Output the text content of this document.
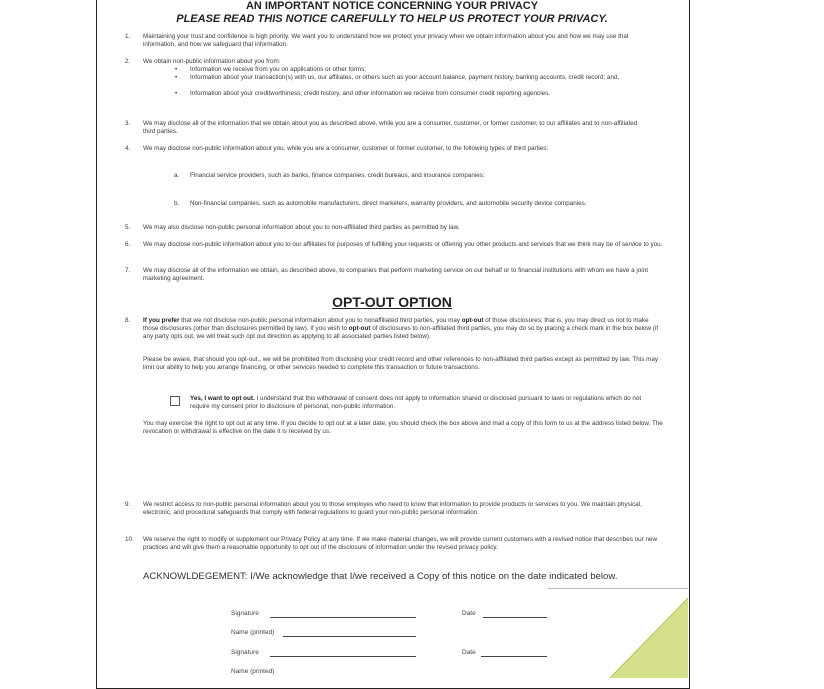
AN IMPORTANT NOTICE CONCERNING YOUR PRIVACY
PLEASE READ THIS NOTICE CAREFULLY TO HELP US PROTECT YOUR PRIVACY.
1. Maintaining your trust and confidence is high priority. We want you to understand how we protect your privacy when we obtain information about you and how we may use that information, and how we safeguard that information.
2. We obtain non-public information about you from:
• Information we receive from you on applications or other forms;
• Information about your transaction(s) with us, our affiliates, or others such as your account balance, payment history, banking accounts, credit record; and,
• Information about your creditworthiness, credit history, and other information we receive from consumer credit reporting agencies.
3. We may disclose all of the information that we obtain about you as described above, while you are a consumer, customer, or former customer, to our affiliates and to non-affiliated third parties.
4. We may disclose non-public information about you, while you are a consumer, customer or former customer, to the following types of third parties:
a. Financial service providers, such as banks, finance companies, credit bureaus, and insurance companies;
b. Non-financial companies, such as automobile manufacturers, direct marketers, warranty providers, and automobile security device companies.
5. We may also disclose non-public personal information about you to non-affiliated third parties as permitted by law.
6. We may disclose non-public information about you to our affiliates for purposes of fulfilling your requests or offering you other products and services that we think may be of service to you.
7. We may disclose all of the information we obtain, as described above, to companies that perform marketing service on our behalf or to financial institutions with whom we have a joint marketing agreement.
OPT-OUT OPTION
8. If you prefer that we not disclose non-public personal information about you to nonaffiliated third parties, you may opt-out of those disclosures; that is, you may direct us not to make those disclosures (other than disclosures permitted by law). If you wish to opt-out of disclosures to non-affiliated third parties, you may do so by placing a check mark in the box below (if any party opts out, we will treat such opt out direction as applying to all associated parties listed below).
Please be aware, that should you opt-out., we will be prohibited from disclosing your credit record and other references to non-affiliated third parties except as permitted by law. This may limit our ability to help you arrange financing, or other services needed to complete this transaction or future transactions.
Yes, I want to opt out. I understand that this withdrawal of consent does not apply to information shared or disclosed pursuant to laws or regulations which do not require my consent prior to disclosure of personal, non-public information.
You may exercise the right to opt out at any time. If you decide to opt out at a later date, you should check the box above and mail a copy of this form to us at the address listed below. The revocation or withdrawal is effective on the date it is received by us.
9. We restrict access to non-public personal information about you to those employes who need to know that information to provide products or services to you. We maintain physical, electronic, and procedural safeguards that comply with federal regulations to guard your non-public personal information.
10. We reserve the right to modify or supplement our Privacy Policy at any time. If we make material changes, we will provide current customers with a revised notice that describes our new practices and will give them a reasonable opportunity to opt out of the disclosure of information under the revised privacy policy.
ACKNOWLDEGEMENT: I/We acknowledge that I/we received a Copy of this notice on the date indicated below.
Signature	Date
Name (printed)
Signature	Date
Name (printed)
